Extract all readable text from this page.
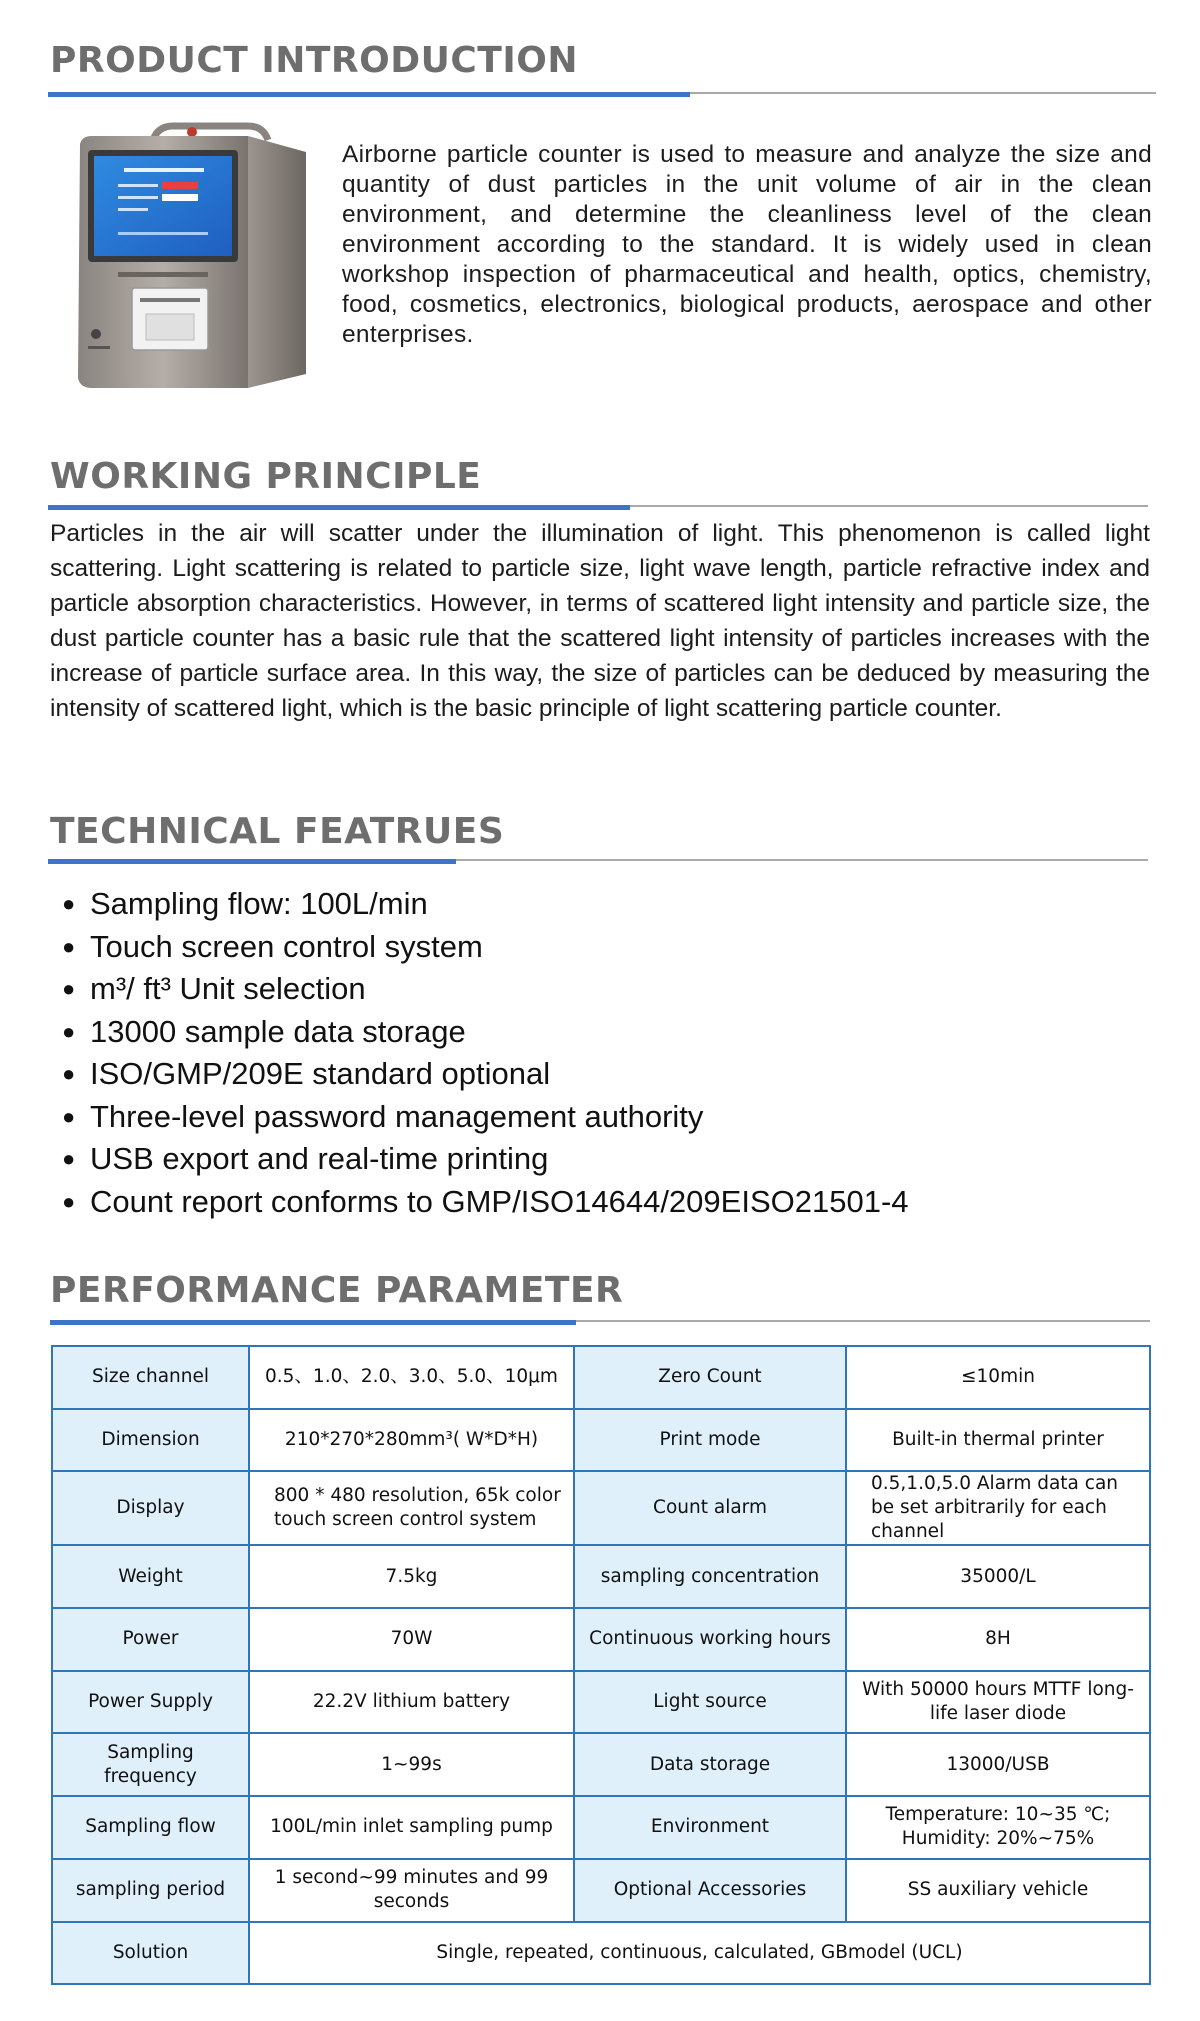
PRODUCT INTRODUCTION
Airborne particle counter is used to measure and analyze the size and quantity of dust particles in the unit volume of air in the clean environment, and determine the cleanliness level of the clean environment according to the standard. It is widely used in clean workshop inspection of pharmaceutical and health, optics, chemistry, food, cosmetics, electronics, biological products, aerospace and other enterprises.
WORKING PRINCIPLE
Particles in the air will scatter under the illumination of light. This phenomenon is called light scattering. Light scattering is related to particle size, light wave length, particle refractive index and particle absorption characteristics. However, in terms of scattered light intensity and particle size, the dust particle counter has a basic rule that the scattered light intensity of particles increases with the increase of particle surface area. In this way, the size of particles can be deduced by measuring the intensity of scattered light, which is the basic principle of light scattering particle counter.
TECHNICAL FEATRUES
● Sampling flow: 100L/min
● Touch screen control system
● m³/ ft³ Unit selection
● 13000 sample data storage
● ISO/GMP/209E standard optional
● Three-level password management authority
● USB export and real-time printing
● Count report conforms to GMP/ISO14644/209EISO21501-4
PERFORMANCE PARAMETER
Size channel	0.5、1.0、2.0、3.0、5.0、10μm	Zero Count	≤10min
Dimension	210*270*280mm³( W*D*H)	Print mode	Built-in thermal printer
Display	800 * 480 resolution, 65k color touch screen control system	Count alarm	0.5,1.0,5.0 Alarm data can be set arbitrarily for each channel
Weight	7.5kg	sampling concentration	35000/L
Power	70W	Continuous working hours	8H
Power Supply	22.2V lithium battery	Light source	With 50000 hours MTTF long-life laser diode
Sampling frequency	1~99s	Data storage	13000/USB
Sampling flow	100L/min inlet sampling pump	Environment	Temperature: 10~35 ℃; Humidity: 20%~75%
sampling period	1 second~99 minutes and 99 seconds	Optional Accessories	SS auxiliary vehicle
Solution	Single, repeated, continuous, calculated, GBmodel (UCL)		
